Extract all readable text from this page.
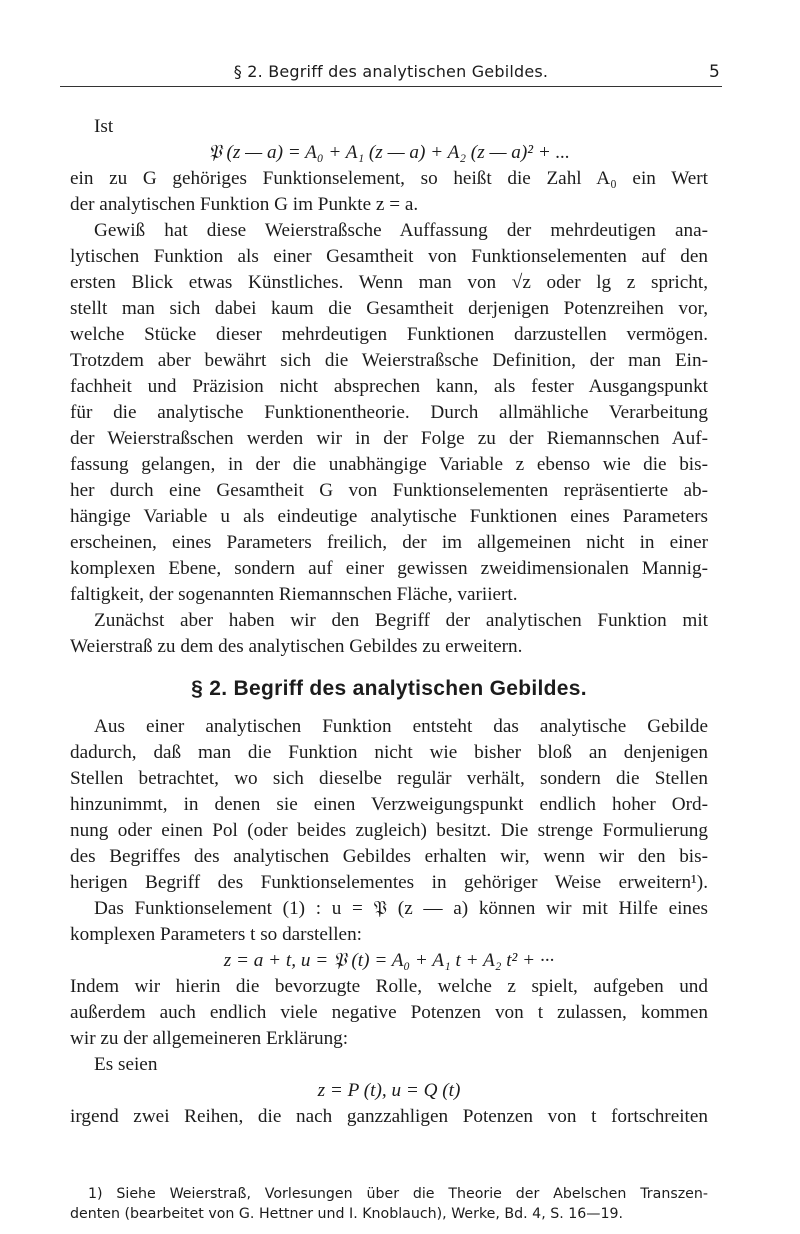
§ 2. Begriff des analytischen Gebildes.	5
Ist
𝔓 (z — a) = A₀ + A₁ (z — a) + A₂ (z — a)² + ...
ein zu G gehöriges Funktionselement, so heißt die Zahl A₀ ein Wert
der analytischen Funktion G im Punkte z = a.
Gewiß hat diese Weierstraßsche Auffassung der mehrdeutigen ana-
lytischen Funktion als einer Gesamtheit von Funktionselementen auf den
ersten Blick etwas Künstliches. Wenn man von √z oder lg z spricht,
stellt man sich dabei kaum die Gesamtheit derjenigen Potenzreihen vor,
welche Stücke dieser mehrdeutigen Funktionen darzustellen vermögen.
Trotzdem aber bewährt sich die Weierstraßsche Definition, der man Ein-
fachheit und Präzision nicht absprechen kann, als fester Ausgangspunkt
für die analytische Funktionentheorie. Durch allmähliche Verarbeitung
der Weierstraßschen werden wir in der Folge zu der Riemannschen Auf-
fassung gelangen, in der die unabhängige Variable z ebenso wie die bis-
her durch eine Gesamtheit G von Funktionselementen repräsentierte ab-
hängige Variable u als eindeutige analytische Funktionen eines Parameters
erscheinen, eines Parameters freilich, der im allgemeinen nicht in einer
komplexen Ebene, sondern auf einer gewissen zweidimensionalen Mannig-
faltigkeit, der sogenannten Riemannschen Fläche, variiert.
Zunächst aber haben wir den Begriff der analytischen Funktion mit
Weierstraß zu dem des analytischen Gebildes zu erweitern.
§ 2. Begriff des analytischen Gebildes.
Aus einer analytischen Funktion entsteht das analytische Gebilde
dadurch, daß man die Funktion nicht wie bisher bloß an denjenigen
Stellen betrachtet, wo sich dieselbe regulär verhält, sondern die Stellen
hinzunimmt, in denen sie einen Verzweigungspunkt endlich hoher Ord-
nung oder einen Pol (oder beides zugleich) besitzt. Die strenge Formulierung
des Begriffes des analytischen Gebildes erhalten wir, wenn wir den bis-
herigen Begriff des Funktionselementes in gehöriger Weise erweitern¹).
Das Funktionselement (1) : u = 𝔓 (z — a) können wir mit Hilfe eines
komplexen Parameters t so darstellen:
z = a + t, u = 𝔓 (t) = A₀ + A₁ t + A₂ t² + ···
Indem wir hierin die bevorzugte Rolle, welche z spielt, aufgeben und
außerdem auch endlich viele negative Potenzen von t zulassen, kommen
wir zu der allgemeineren Erklärung:
Es seien
z = P (t), u = Q (t)
irgend zwei Reihen, die nach ganzzahligen Potenzen von t fortschreiten
1) Siehe Weierstraß, Vorlesungen über die Theorie der Abelschen Transzen-
denten (bearbeitet von G. Hettner und I. Knoblauch), Werke, Bd. 4, S. 16—19.
